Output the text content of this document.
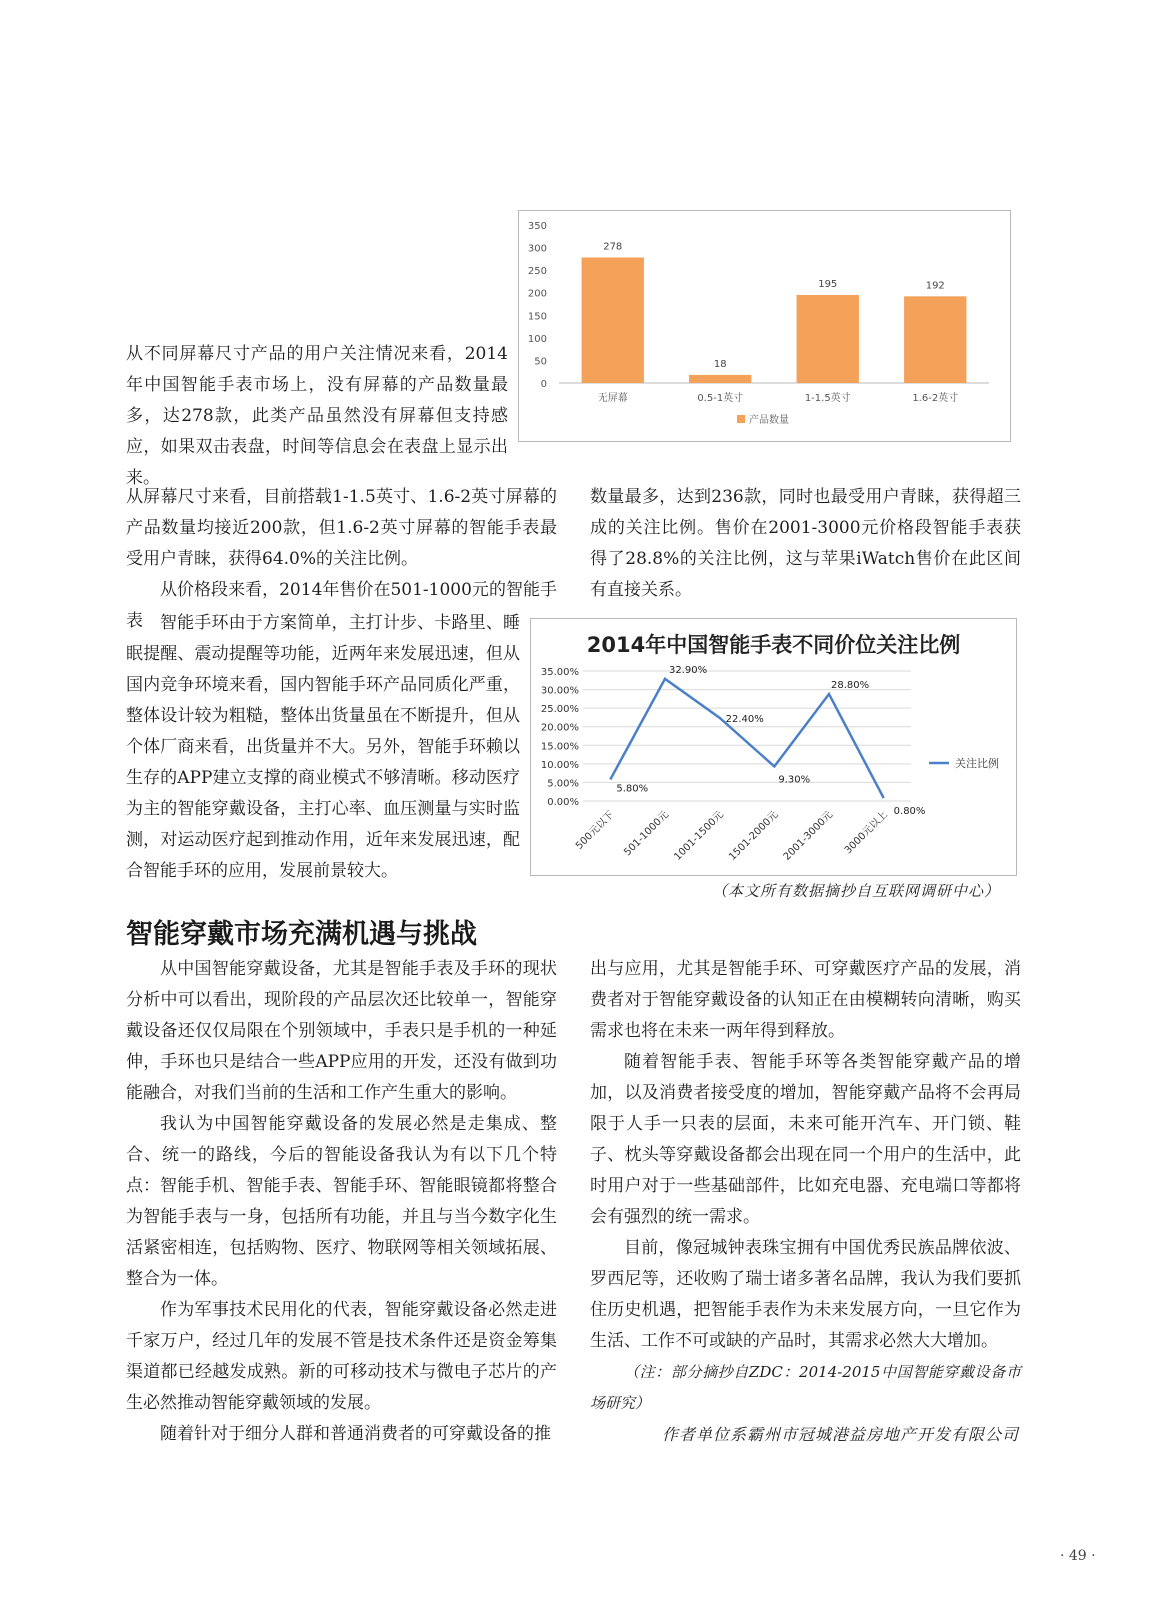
从不同屏幕尺寸产品的用户关注情况来看，2014年中国智能手表市场上，没有屏幕的产品数量最多，达278款，此类产品虽然没有屏幕但支持感应，如果双击表盘，时间等信息会在表盘上显示出来。

0
50
100
150
200
250
300
350
278
无屏幕
18
0.5-1英寸
195
1-1.5英寸
192
1.6-2英寸
产品数量

从屏幕尺寸来看，目前搭载1-1.5英寸、1.6-2英寸屏幕的产品数量均接近200款，但1.6-2英寸屏幕的智能手表最受用户青睐，获得64.0%的关注比例。

从价格段来看，2014年售价在501-1000元的智能手表

数量最多，达到236款，同时也最受用户青睐，获得超三成的关注比例。售价在2001-3000元价格段智能手表获得了28.8%的关注比例，这与苹果iWatch售价在此区间有直接关系。

智能手环由于方案简单，主打计步、卡路里、睡眠提醒、震动提醒等功能，近两年来发展迅速，但从国内竞争环境来看，国内智能手环产品同质化严重，整体设计较为粗糙，整体出货量虽在不断提升，但从个体厂商来看，出货量并不大。另外，智能手环赖以生存的APP建立支撑的商业模式不够清晰。移动医疗为主的智能穿戴设备，主打心率、血压测量与实时监测，对运动医疗起到推动作用，近年来发展迅速，配合智能手环的应用，发展前景较大。

2014年中国智能手表不同价位关注比例
0.00%
5.00%
10.00%
15.00%
20.00%
25.00%
30.00%
35.00%
5.80%
500元以下
32.90%
501-1000元
22.40%
1001-1500元
9.30%
1501-2000元
28.80%
2001-3000元	0.80%
3000元以上
关注比例
（本文所有数据摘抄自互联网调研中心）
智能穿戴市场充满机遇与挑战

从中国智能穿戴设备，尤其是智能手表及手环的现状分析中可以看出，现阶段的产品层次还比较单一，智能穿戴设备还仅仅局限在个别领域中，手表只是手机的一种延伸，手环也只是结合一些APP应用的开发，还没有做到功能融合，对我们当前的生活和工作产生重大的影响。

我认为中国智能穿戴设备的发展必然是走集成、整合、统一的路线，今后的智能设备我认为有以下几个特点： 智能手机、智能手表、智能手环、智能眼镜都将整合为智能手表与一身，包括所有功能，并且与当今数字化生活紧密相连，包括购物、医疗、物联网等相关领域拓展、整合为一体。

作为军事技术民用化的代表，智能穿戴设备必然走进千家万户，经过几年的发展不管是技术条件还是资金筹集渠道都已经越发成熟。新的可移动技术与微电子芯片的产生必然推动智能穿戴领域的发展。

随着针对于细分人群和普通消费者的可穿戴设备的推

出与应用，尤其是智能手环、可穿戴医疗产品的发展，消费者对于智能穿戴设备的认知正在由模糊转向清晰，购买需求也将在未来一两年得到释放。

随着智能手表、智能手环等各类智能穿戴产品的增加，以及消费者接受度的增加，智能穿戴产品将不会再局限于人手一只表的层面，未来可能开汽车、开门锁、鞋子、枕头等穿戴设备都会出现在同一个用户的生活中，此时用户对于一些基础部件，比如充电器、充电端口等都将会有强烈的统一需求。

目前，像冠城钟表珠宝拥有中国优秀民族品牌依波、罗西尼等，还收购了瑞士诸多著名品牌，我认为我们要抓住历史机遇，把智能手表作为未来发展方向，一旦它作为生活、工作不可或缺的产品时，其需求必然大大增加。

（注：部分摘抄自ZDC：2014-2015中国智能穿戴设备市场研究）

作者单位系霸州市冠城港益房地产开发有限公司
· 49 ·
